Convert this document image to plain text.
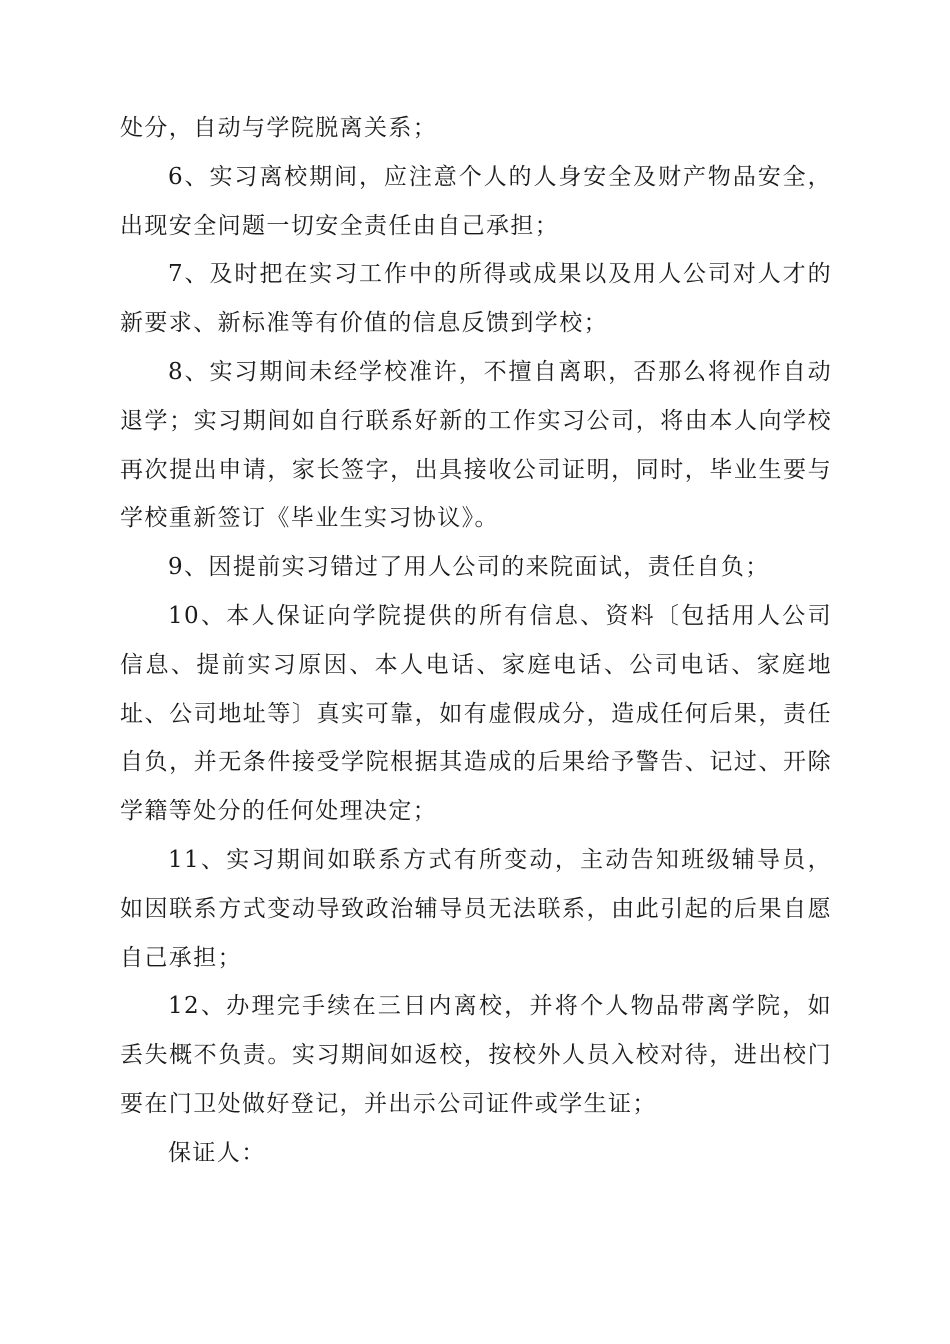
处分，自动与学院脱离关系；

6、实习离校期间，应注意个人的人身安全及财产物品安全，出现安全问题一切安全责任由自己承担；

7、及时把在实习工作中的所得或成果以及用人公司对人才的新要求、新标准等有价值的信息反馈到学校；

8、实习期间未经学校准许，不擅自离职，否那么将视作自动退学；实习期间如自行联系好新的工作实习公司，将由本人向学校再次提出申请，家长签字，出具接收公司证明，同时，毕业生要与学校重新签订《毕业生实习协议》。

9、因提前实习错过了用人公司的来院面试，责任自负；

10、本人保证向学院提供的所有信息、资料〔包括用人公司信息、提前实习原因、本人电话、家庭电话、公司电话、家庭地址、公司地址等〕真实可靠，如有虚假成分，造成任何后果，责任自负，并无条件接受学院根据其造成的后果给予警告、记过、开除学籍等处分的任何处理决定；

11、实习期间如联系方式有所变动，主动告知班级辅导员，如因联系方式变动导致政治辅导员无法联系，由此引起的后果自愿自己承担；

12、办理完手续在三日内离校，并将个人物品带离学院，如丢失概不负责。实习期间如返校，按校外人员入校对待，进出校门要在门卫处做好登记，并出示公司证件或学生证；

保证人：
